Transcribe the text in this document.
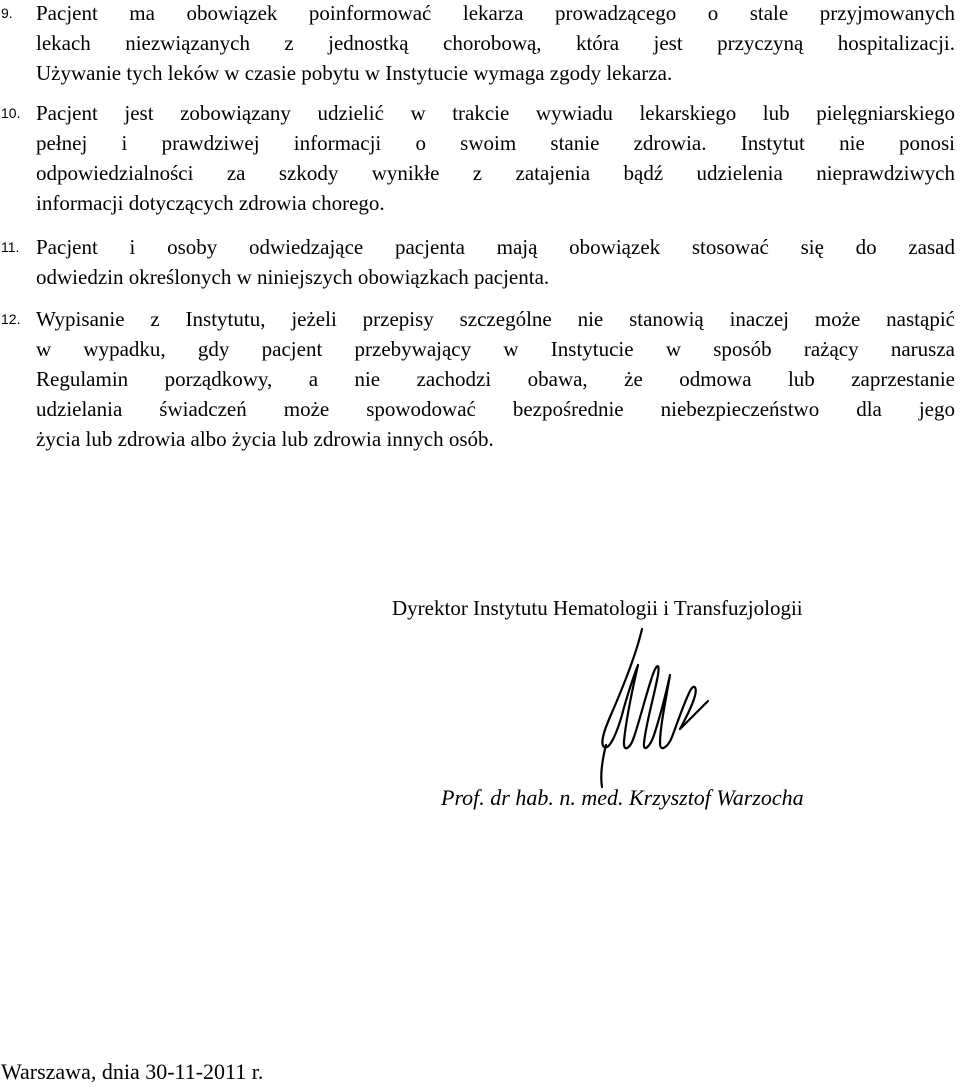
9. Pacjent ma obowiązek poinformować lekarza prowadzącego o stale przyjmowanych
lekach niezwiązanych z jednostką chorobową, która jest przyczyną hospitalizacji.
Używanie tych leków w czasie pobytu w Instytucie wymaga zgody lekarza.
10. Pacjent jest zobowiązany udzielić w trakcie wywiadu lekarskiego lub pielęgniarskiego
pełnej i prawdziwej informacji o swoim stanie zdrowia. Instytut nie ponosi
odpowiedzialności za szkody wynikłe z zatajenia bądź udzielenia nieprawdziwych
informacji dotyczących zdrowia chorego.
11. Pacjent i osoby odwiedzające pacjenta mają obowiązek stosować się do zasad
odwiedzin określonych w niniejszych obowiązkach pacjenta.
12. Wypisanie z Instytutu, jeżeli przepisy szczególne nie stanowią inaczej może nastąpić
w wypadku, gdy pacjent przebywający w Instytucie w sposób rażący narusza
Regulamin porządkowy, a nie zachodzi obawa, że odmowa lub zaprzestanie
udzielania świadczeń może spowodować bezpośrednie niebezpieczeństwo dla jego
życia lub zdrowia albo życia lub zdrowia innych osób.
Dyrektor Instytutu Hematologii i Transfuzjologii
Prof. dr hab. n. med. Krzysztof Warzocha
Warszawa, dnia 30-11-2011 r.
